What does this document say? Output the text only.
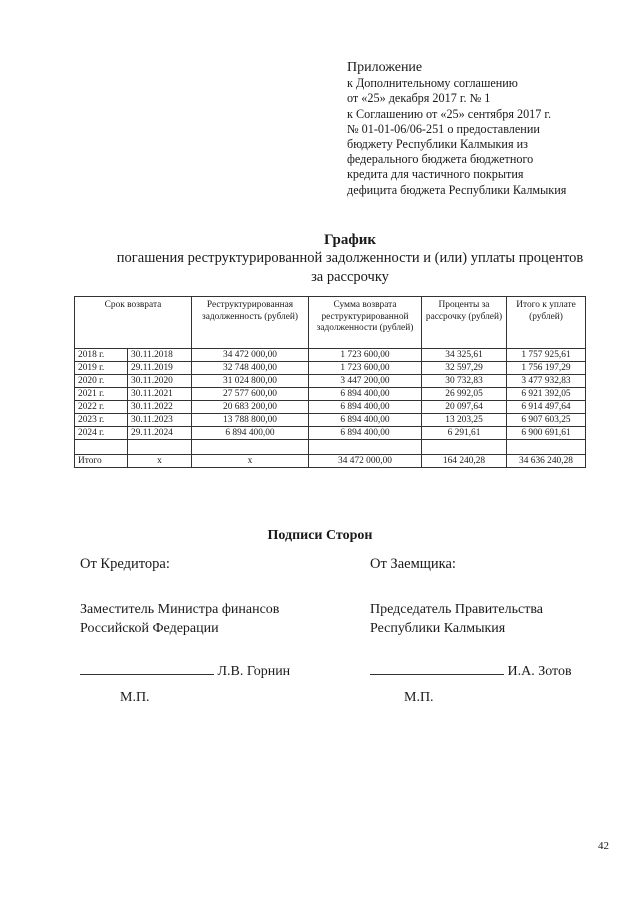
Приложение
к Дополнительному соглашению
от «25» декабря 2017 г. № 1
к Соглашению от «25» сентября 2017 г.
№ 01-01-06/06-251 о предоставлении
бюджету Республики Калмыкия из
федерального бюджета бюджетного
кредита для частичного покрытия
дефицита бюджета Республики Калмыкия
График
погашения реструктурированной задолженности и (или) уплаты процентов
за рассрочку
Срок возврата		Реструктурированная задолженность (рублей)	Сумма возврата реструктурированной задолженности (рублей)	Проценты за рассрочку (рублей)	Итого к уплате (рублей)
2018 г.	30.11.2018	34 472 000,00	1 723 600,00	34 325,61	1 757 925,61
2019 г.	29.11.2019	32 748 400,00	1 723 600,00	32 597,29	1 756 197,29
2020 г.	30.11.2020	31 024 800,00	3 447 200,00	30 732,83	3 477 932,83
2021 г.	30.11.2021	27 577 600,00	6 894 400,00	26 992,05	6 921 392,05
2022 г.	30.11.2022	20 683 200,00	6 894 400,00	20 097,64	6 914 497,64
2023 г.	30.11.2023	13 788 800,00	6 894 400,00	13 203,25	6 907 603,25
2024 г.	29.11.2024	6 894 400,00	6 894 400,00	6 291,61	6 900 691,61

Итого	х	х	34 472 000,00	164 240,28	34 636 240,28
Подписи Сторон
От Кредитора:
Заместитель Министра финансов
Российской Федерации
Л.В. Горнин
М.П.
От Заемщика:
Председатель Правительства
Республики Калмыкия
И.А. Зотов
М.П.
42
